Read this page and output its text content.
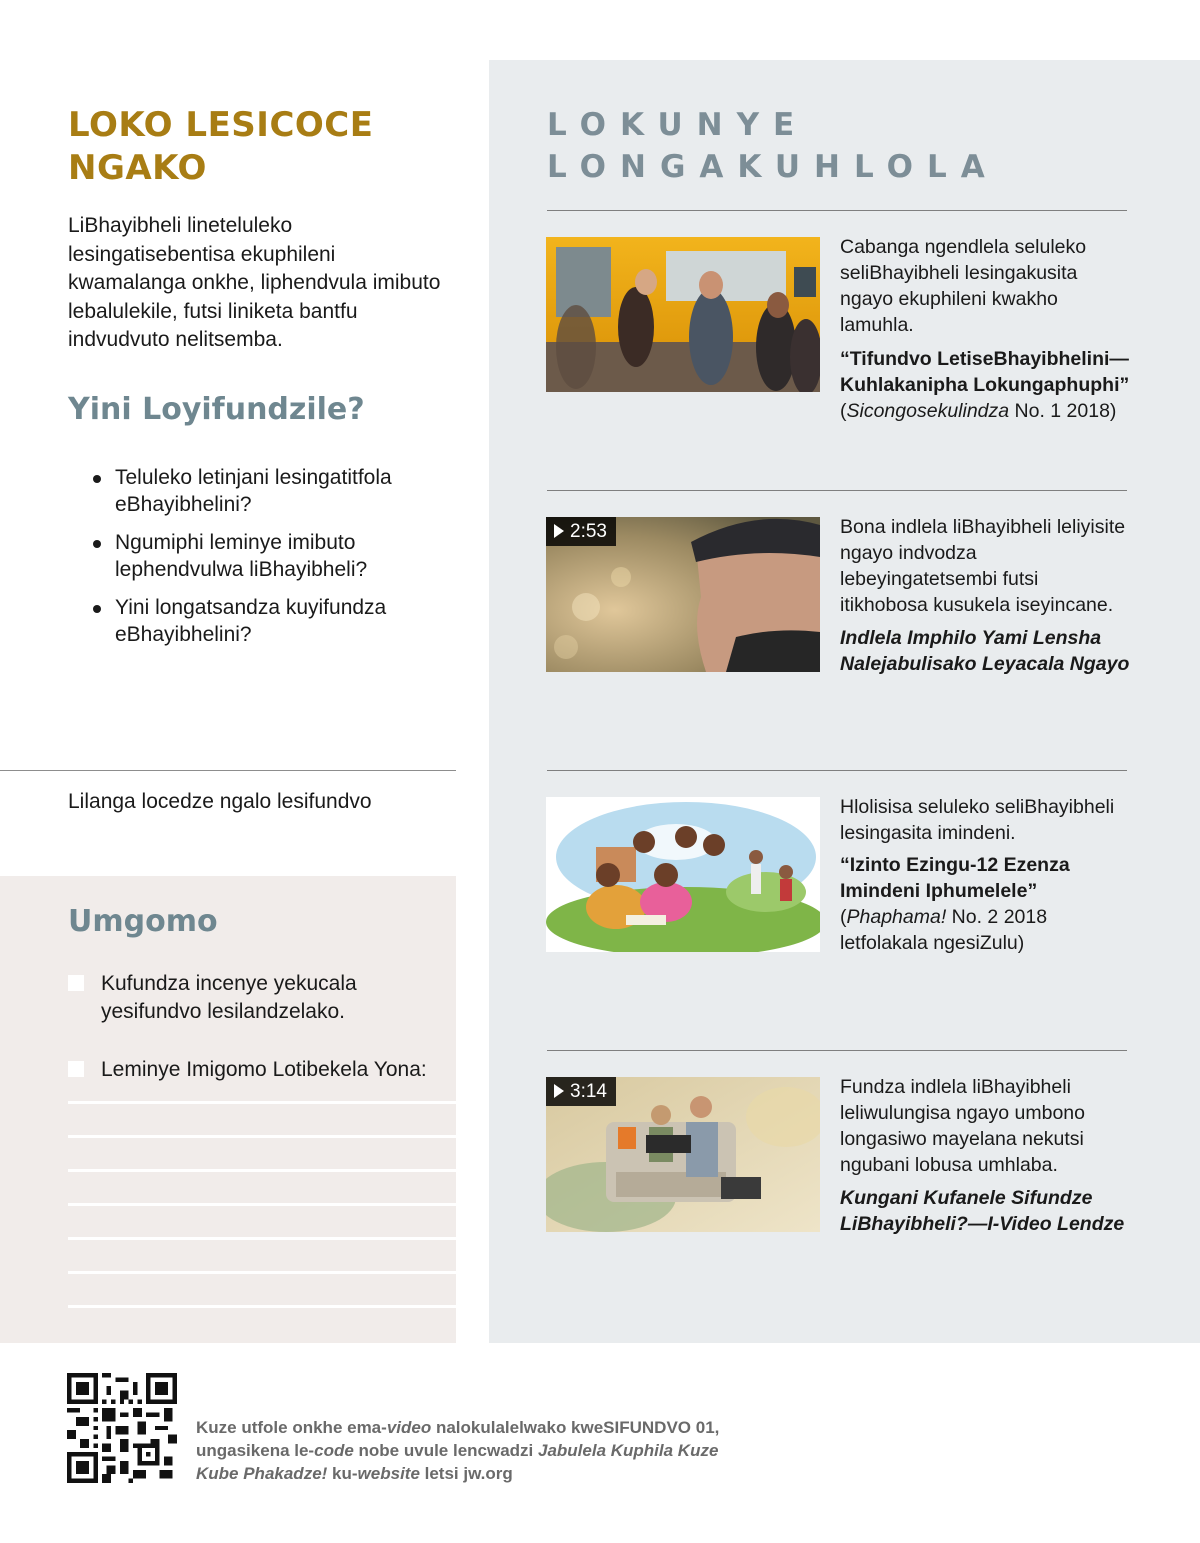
LOKO LESICOCE NGAKO

LiBhayibheli lineteluleko lesingatisebentisa ekuphileni kwamalanga onkhe, liphendvula imibuto lebalulekile, futsi liniketa bantfu indvudvuto nelitsemba.

Yini Loyifundzile?
Teluleko letinjani lesingatitfola eBhayibhelini?
Ngumiphi leminye imibuto lephendvulwa liBhayibheli?
Yini longatsandza kuyifundza eBhayibhelini?
Lilanga locedze ngalo lesifundvo
Umgomo
Kufundza incenye yekucala yesifundvo lesilandzelako.
Leminye Imigomo Lotibekela Yona:
LOKUNYE LONGAKUHLOLA

Cabanga ngendlela seluleko seliBhayibheli lesingakusita ngayo ekuphileni kwakho lamuhla.

“Tifundvo LetiseBhayibhelini—Kuhlakanipha Lokungaphuphi” (Sicongosekulindza No. 1 2018)

2:53	Bona indlela liBhayibheli leliyisite ngayo indvodza lebeyingatetsembi futsi itikhobosa kusukela iseyincane.

Indlela Imphilo Yami Lensha Nalejabulisako Leyacala Ngayo

Hlolisisa seluleko seliBhayibheli lesingasita imindeni.

“Izinto Ezingu-12 Ezenza Imindeni Iphumelele” (Phaphama! No. 2 2018 letfolakala ngesiZulu)

3:14	Fundza indlela liBhayibheli leliwulungisa ngayo umbono longasiwo mayelana nekutsi ngubani lobusa umhlaba.

Kungani Kufanele Sifundze LiBhayibheli?—I-Video Lendze

Kuze utfole onkhe ema-video nalokulalelwako kweSIFUNDVO 01, ungasikena le-code nobe uvule lencwadzi Jabulela Kuphila Kuze Kube Phakadze! ku-website letsi jw.org
